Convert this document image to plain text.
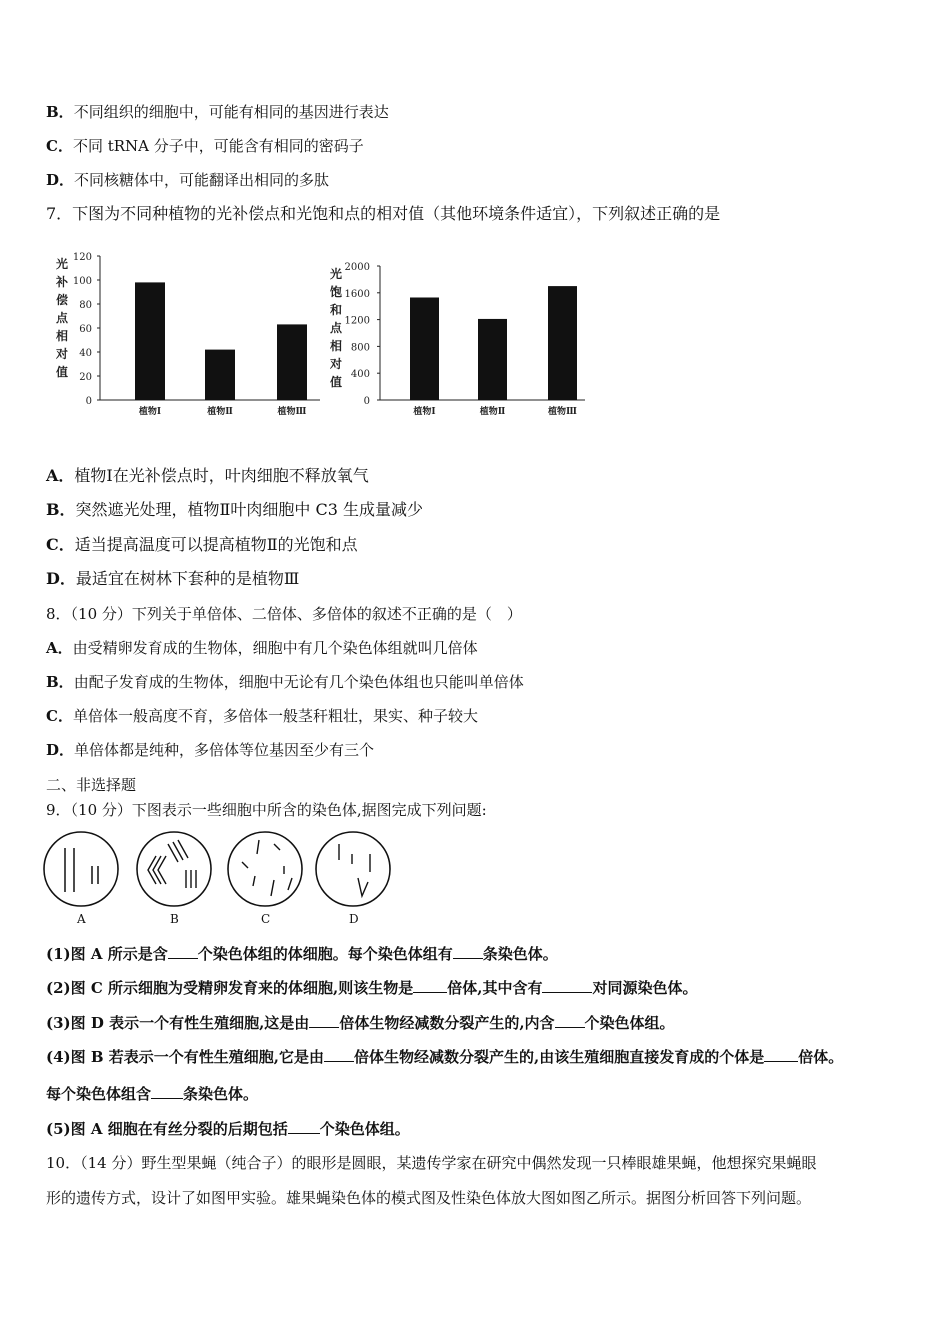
B．不同组织的细胞中，可能有相同的基因进行表达
C．不同 tRNA 分子中，可能含有相同的密码子
D．不同核糖体中，可能翻译出相同的多肽
7．下图为不同种植物的光补偿点和光饱和点的相对值（其他环境条件适宜），下列叙述正确的是
0
20
40
60
80
100
120
光
补
偿
点
相
对
值
植物Ⅰ	植物Ⅱ	植物Ⅲ
0
400
800
1200
1600
2000
光
饱
和
点
相
对
值
植物Ⅰ	植物Ⅱ	植物Ⅲ
A．植物Ⅰ在光补偿点时，叶肉细胞不释放氧气
B．突然遮光处理，植物Ⅱ叶肉细胞中 C3 生成量减少
C．适当提高温度可以提高植物Ⅱ的光饱和点
D．最适宜在树林下套种的是植物Ⅲ
8．（10 分）下列关于单倍体、二倍体、多倍体的叙述不正确的是（　）
A．由受精卵发育成的生物体，细胞中有几个染色体组就叫几倍体
B．由配子发育成的生物体，细胞中无论有几个染色体组也只能叫单倍体
C．单倍体一般高度不育，多倍体一般茎秆粗壮，果实、种子较大
D．单倍体都是纯种，多倍体等位基因至少有三个
二、非选择题
9．（10 分）下图表示一些细胞中所含的染色体,据图完成下列问题:
A	B	C	D
(1)图 A 所示是含 个染色体组的体细胞。每个染色体组有 条染色体。
(2)图 C 所示细胞为受精卵发育来的体细胞,则该生物是 倍体,其中含有	对同源染色体。
(3)图 D 表示一个有性生殖细胞,这是由 倍体生物经减数分裂产生的,内含 个染色体组。
(4)图 B 若表示一个有性生殖细胞,它是由 倍体生物经减数分裂产生的,由该生殖细胞直接发育成的个体是 倍体。
每个染色体组含 条染色体。
(5)图 A 细胞在有丝分裂的后期包括 个染色体组。
10．（14 分）野生型果蝇（纯合子）的眼形是圆眼，某遗传学家在研究中偶然发现一只棒眼雄果蝇，他想探究果蝇眼
形的遗传方式，设计了如图甲实验。雄果蝇染色体的模式图及性染色体放大图如图乙所示。据图分析回答下列问题。
